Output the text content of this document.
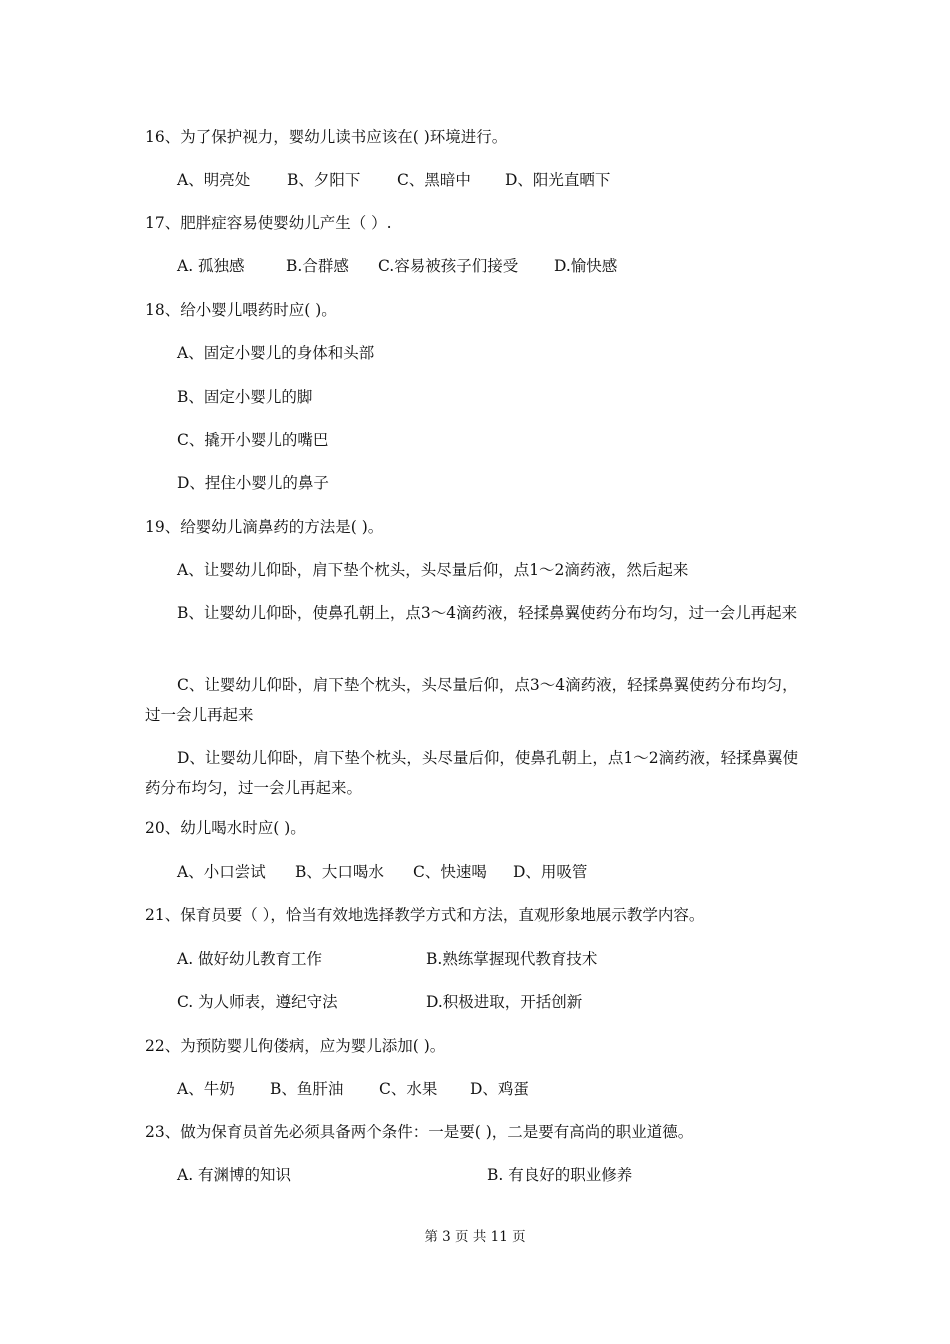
16、为了保护视力，婴幼儿读书应该在( )环境进行。
A、明亮处 B、夕阳下 C、黑暗中 D、阳光直晒下
17、肥胖症容易使婴幼儿产生（ ）.
A. 孤独感	B.合群感 C.容易被孩子们接受 D.愉快感
18、给小婴儿喂药时应( )。
A、固定小婴儿的身体和头部
B、固定小婴儿的脚
C、撬开小婴儿的嘴巴
D、捏住小婴儿的鼻子
19、给婴幼儿滴鼻药的方法是( )。
A、让婴幼儿仰卧，肩下垫个枕头，头尽量后仰，点1～2滴药液，然后起来
B、让婴幼儿仰卧，使鼻孔朝上，点3～4滴药液，轻揉鼻翼使药分布均匀，过一会儿再起来
C、让婴幼儿仰卧，肩下垫个枕头，头尽量后仰，点3～4滴药液，轻揉鼻翼使药分布均匀，过一会儿再起来
D、让婴幼儿仰卧，肩下垫个枕头，头尽量后仰，使鼻孔朝上，点1～2滴药液，轻揉鼻翼使药分布均匀，过一会儿再起来。
20、幼儿喝水时应( )。
A、小口尝试 B、大口喝水 C、快速喝 D、用吸管
21、保育员要（ ），恰当有效地选择教学方式和方法，直观形象地展示教学内容。
A. 做好幼儿教育工作	B.熟练掌握现代教育技术
C. 为人师表，遵纪守法	D.积极进取，开括创新
22、为预防婴儿佝偻病，应为婴儿添加( )。
A、牛奶 B、鱼肝油 C、水果 D、鸡蛋
23、做为保育员首先必须具备两个条件：一是要( )，二是要有高尚的职业道德。
A. 有渊博的知识	B. 有良好的职业修养
第 3 页 共 11 页
